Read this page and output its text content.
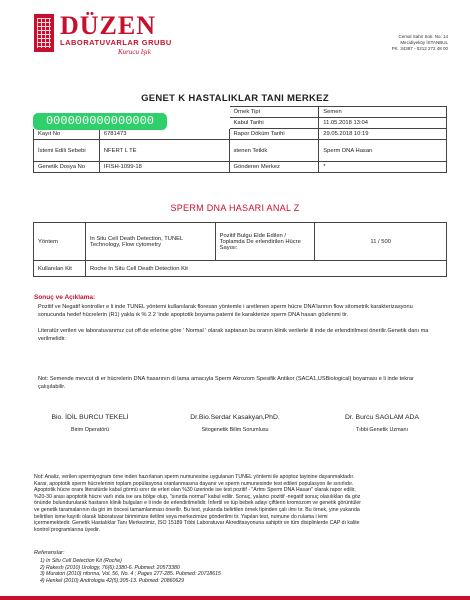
DÜZEN
LABORATUVARLAR GRUBU
Kurucu Işık
Cemal Sahir Sok. No: 14
Mecidiyeköy İSTANBUL
PK. 34387 - 0212 272 48 00
GENET K HASTALIKLAR TANI MERKEZ
		Örnek Tipi	Semen
		Kabul Tarihi	11.05.2018 13:04
Kayıt No	6781473	Rapor Döküm Tarihi	29.05.2018 10:19
İstemi Edili Sebebi	NFERT L TE	stenen Tetkik	Sperm DNA Hasarı
Genetik Dosya No	IFISH-1099-18	Gönderen Merkez	*
000000000000000
SPERM DNA HASARI ANAL Z
Yöntem	In Situ Cell Death Detection, TUNEL Technology, Flow cytometry	Pozitif Bulgu Elde Edilen / Toplamda De erlendirilen Hücre Sayısı:	11 / 500
Kullanılan Kit	Roche In Situ Cell Death Detection Kit		
Sonuç ve Açıklama:
Pozitif ve Negatif kontroller e li inde TUNEL yöntemi kullanılarak floresan yöntemle i aretlenen sperm hücre DNA'larının flow sitometrik karakterizasyonu sonucunda hedef hücrelerin (R1) yakla ık % 2.2 'inde apoptotik boyama paterni ile karakterize sperm DNA hasarı gözlenmi tir.
Literatür verileri ve laboratuvarımız cut off de erlerine göre ' Normal ' olarak saptanan bu oranın klinik verilerle ili inde de erlendirilmesi önerilir.Genetik danı ma verilmelidir.
Not: Semende mevcut di er hücrelerin DNA hasarının di lama amacıyla Sperm Akrozom Spesifik Antikor (SACA1,USBiological) boyaması e li inde tekrar çalışılabilir.
Bio. İDİL BURCU TEKELİ
Birim Operatörü
Dr.Bio.Serdar Kasakyan,PhD.
Sitogenetik Bilim Sorumlusu
Dr. Burcu SAGLAM ADA
Tıbbi Genetik Uzmanı
Not: Analiz, verilen spermiyogram örne inden hazırlanan sperm numunesine uygulanan TUNEL yöntemi ile apoptoz tayinine dayanmaktadır.
Karar, apoptotik sperm hücrelerinin toplam popülasyona oranlanmasına dayanır ve sperm numunesinde test edileri populasyon ile sınırlıdır.
Apoptotik hücre oranı literatürde kabul görmü sınır de erleri olan %30 üzerinde ise test pozitif - "Artmı Sperm DNA Hasarı" olarak rapor edilir,
%20-30 arası apoptotik hücre varlı ında ise ara bölge olup, "sınırda normal" kabul edilir. Sonuç, yalancı pozitif -negatif sonuç olasılıkları da göz
önünde bulundurularak hastanın klinik bulguları e li inde de erlendirilmelidir. İnfertil ve tüp bebek adayı çiftlerin kromozom ve genetik görüntüler
ve genetik taramalarının da giri im öncesi tamamlanması önerilir. Bu test, yukarıda belirtilen örnek tipinden çalı ılmı tır. Bu örnek, yine yukarıda
belirtilen isme kayıtlı olarak laboratuvar birimimize iletilmi veya merkezimize gönderilmi tir. Yapılan test, numune do rulama i lemi
içermemektedir. Genetik Hastalıklar Tanı Merkezimiz, ISO 15189 Tıbbi Laboratuvar Akreditasyonuna sahiptir ve tüm disiplinlerde CAP dı kalite
kontrol programlarına üyedir.
Referanslar:
1) In Situ Cell Detection Kit (Roche)
2) Rakesh (2010) Urology, 76(6):1380-6. Pubmed: 20573380
3) Muratori (2010) nforma, Vol. 56, No. 4 ; Pages 277-285. Pubmed: 20718615
4) Henkel (2010) Andrologia 42(5):305-13. Pubmed: 20860629
